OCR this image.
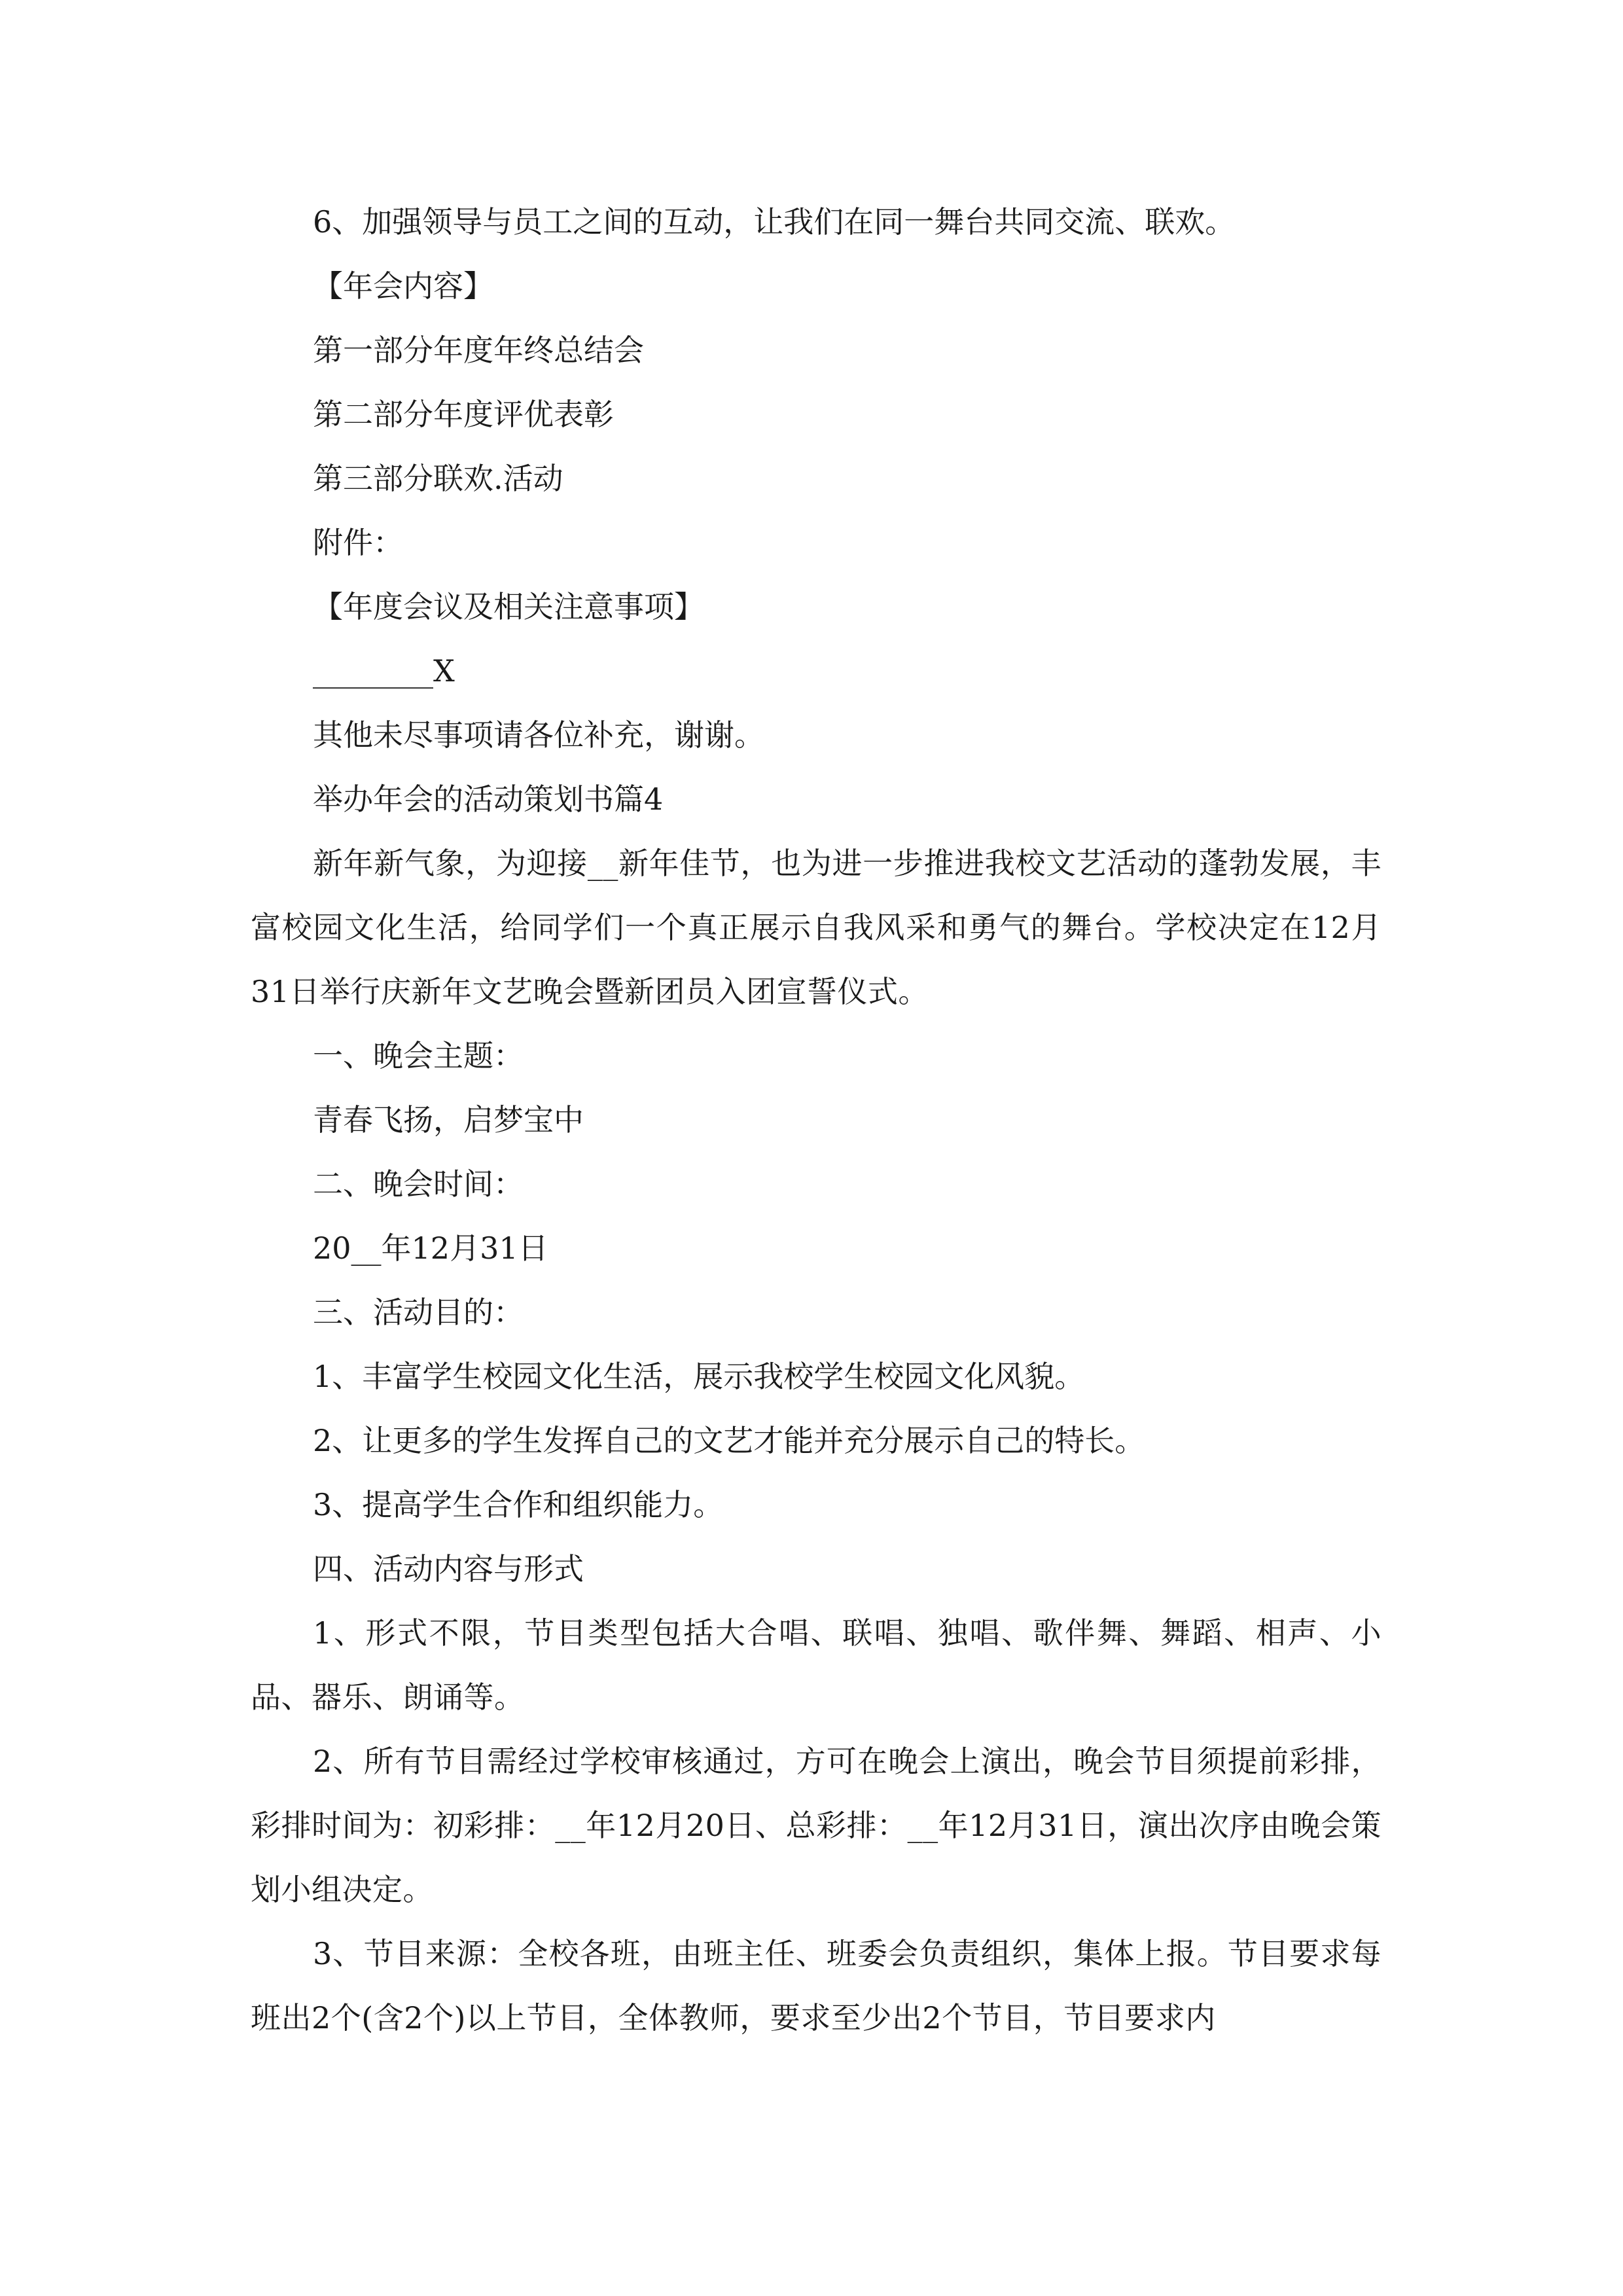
6、加强领导与员工之间的互动，让我们在同一舞台共同交流、联欢。
【年会内容】
第一部分年度年终总结会
第二部分年度评优表彰
第三部分联欢.活动
附件：
【年度会议及相关注意事项】
________X
其他未尽事项请各位补充，谢谢。
举办年会的活动策划书篇4
新年新气象，为迎接__新年佳节，也为进一步推进我校文艺活动的蓬勃发展，丰富校园文化生活，给同学们一个真正展示自我风采和勇气的舞台。学校决定在12月31日举行庆新年文艺晚会暨新团员入团宣誓仪式。
一、晚会主题：
青春飞扬，启梦宝中
二、晚会时间：
20__年12月31日
三、活动目的：
1、丰富学生校园文化生活，展示我校学生校园文化风貌。
2、让更多的学生发挥自己的文艺才能并充分展示自己的特长。
3、提高学生合作和组织能力。
四、活动内容与形式
1、形式不限，节目类型包括大合唱、联唱、独唱、歌伴舞、舞蹈、相声、小品、器乐、朗诵等。
2、所有节目需经过学校审核通过，方可在晚会上演出，晚会节目须提前彩排，彩排时间为：初彩排：__年12月20日、总彩排：__年12月31日，演出次序由晚会策划小组决定。
3、节目来源：全校各班，由班主任、班委会负责组织，集体上报。节目要求每班出2个(含2个)以上节目，全体教师，要求至少出2个节目，节目要求内
